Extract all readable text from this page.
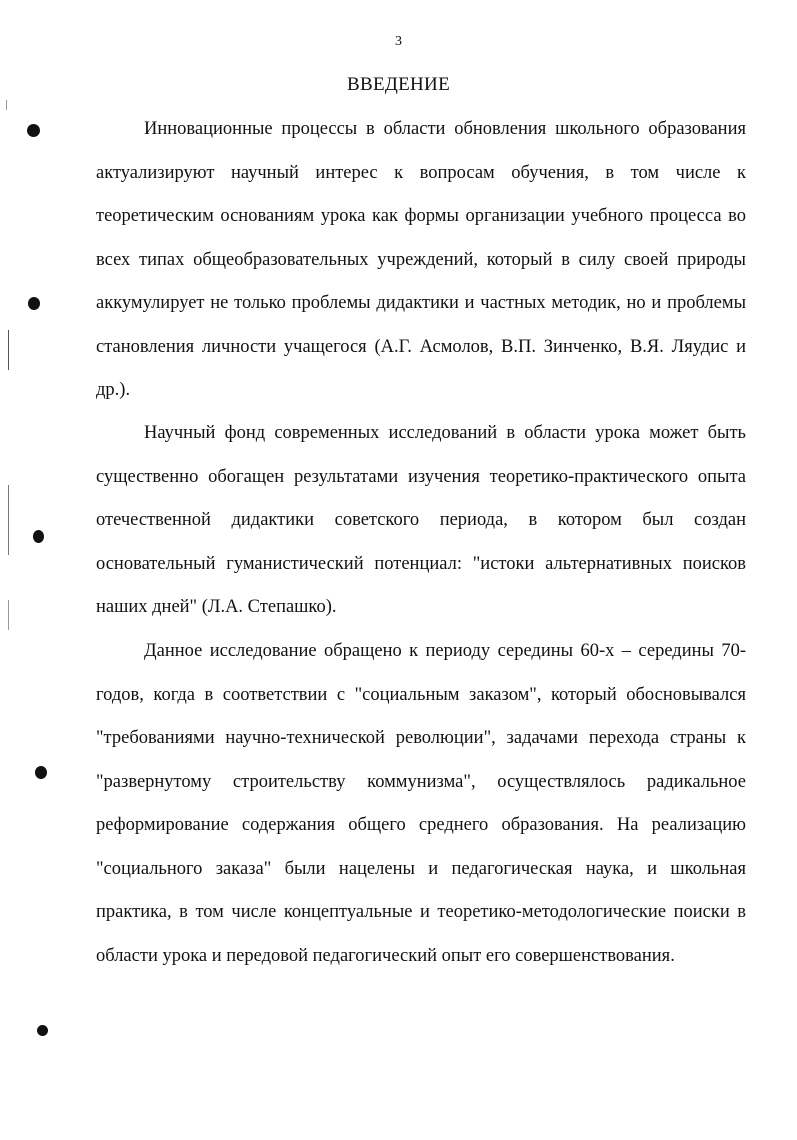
3
ВВЕДЕНИЕ

Инновационные процессы в области обновления школьного образования актуализируют научный интерес к вопросам обучения, в том числе к теоретическим основаниям урока как формы организации учебного процесса во всех типах общеобразовательных учреждений, который в силу своей природы аккумулирует не только проблемы дидактики и частных методик, но и проблемы становления личности учащегося (А.Г. Асмолов, В.П. Зинченко, В.Я. Ляудис и др.).

Научный фонд современных исследований в области урока может быть существенно обогащен результатами изучения теоретико-практического опыта отечественной дидактики советского периода, в котором был создан основательный гуманистический потенциал: "истоки альтернативных поисков наших дней" (Л.А. Степашко).

Данное исследование обращено к периоду середины 60-х – середины 70-годов, когда в соответствии с "социальным заказом", который обосновывался "требованиями научно-технической революции", задачами перехода страны к "развернутому строительству коммунизма", осуществлялось радикальное реформирование содержания общего среднего образования. На реализацию "социального заказа" были нацелены и педагогическая наука, и школьная практика, в том числе концептуальные и теоретико-методологические поиски в области урока и передовой педагогический опыт его совершенствования.
